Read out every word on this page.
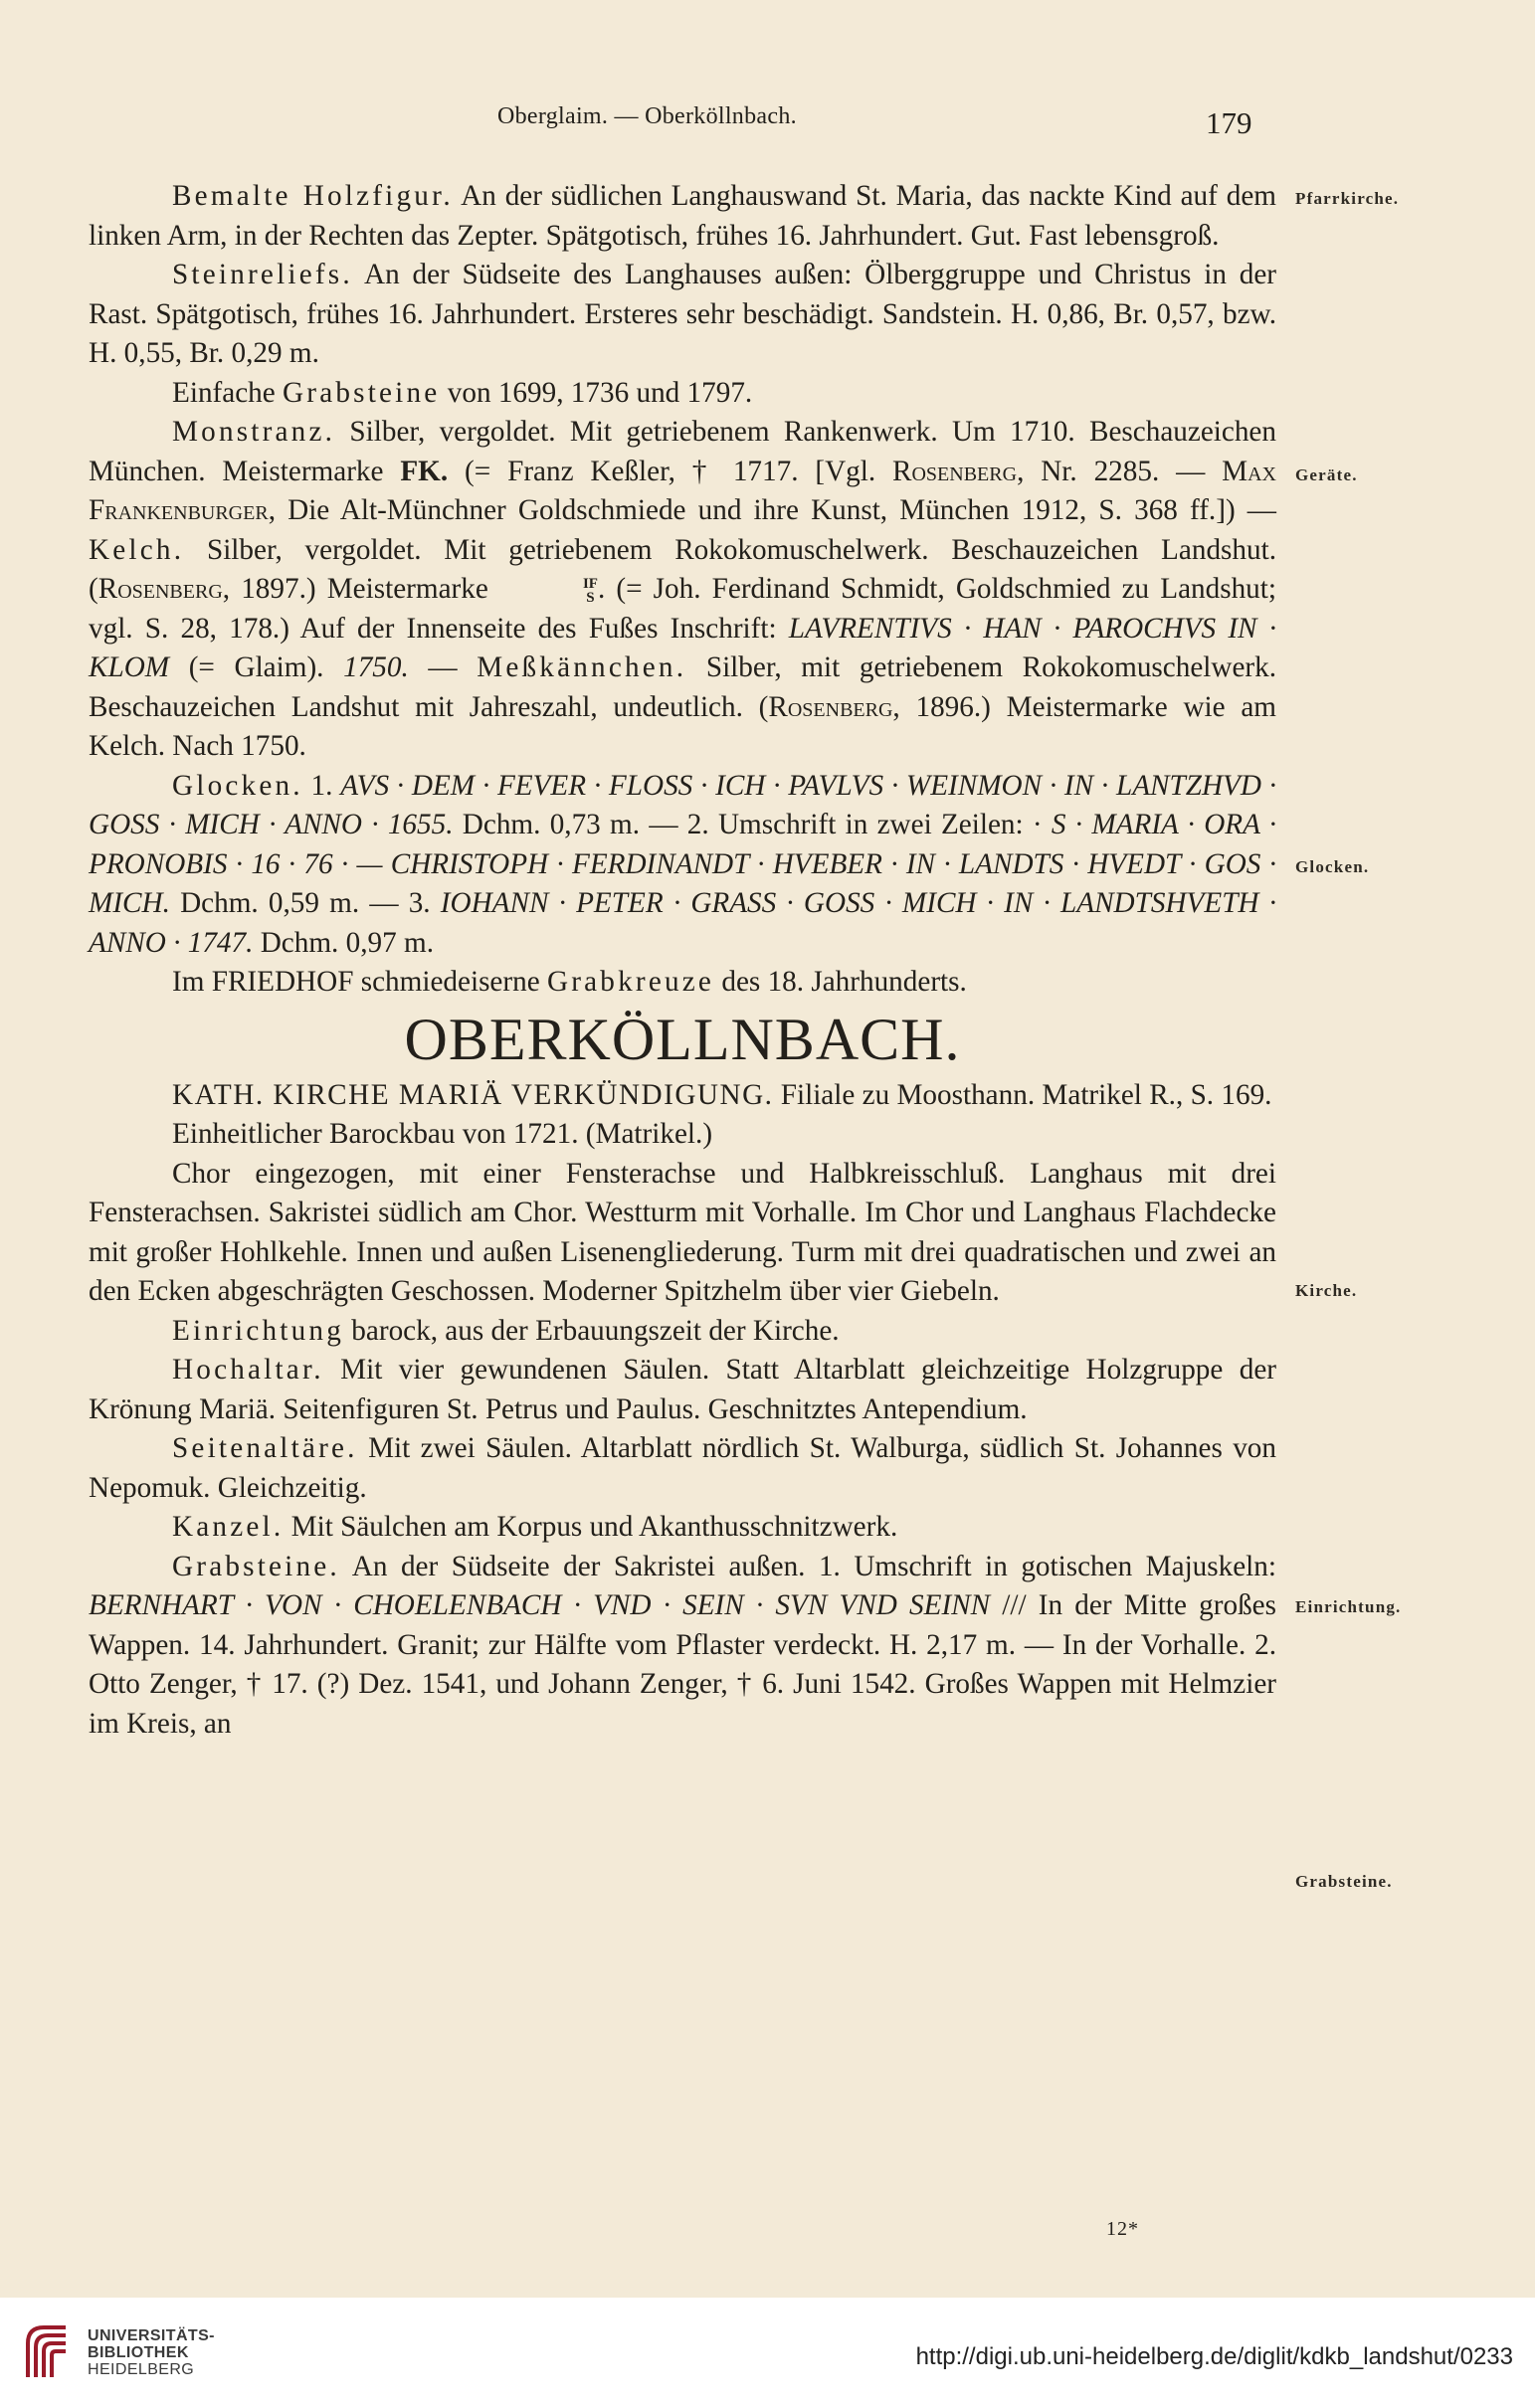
Oberglaim. — Oberköllnbach.	179
Pfarrkirche.
Geräte.
Glocken.
Kirche.
Einrichtung.
Grabsteine.

Bemalte Holzfigur. An der südlichen Langhauswand St. Maria, das nackte Kind auf dem linken Arm, in der Rechten das Zepter. Spätgotisch, frühes 16. Jahrhundert. Gut. Fast lebensgroß.

Steinreliefs. An der Südseite des Langhauses außen: Ölberggruppe und Christus in der Rast. Spätgotisch, frühes 16. Jahrhundert. Ersteres sehr beschädigt. Sandstein. H. 0,86, Br. 0,57, bzw. H. 0,55, Br. 0,29 m.

Einfache Grabsteine von 1699, 1736 und 1797.

Monstranz. Silber, vergoldet. Mit getriebenem Rankenwerk. Um 1710. Beschauzeichen München. Meistermarke FK. (= Franz Keßler, † 1717. [Vgl. Rosenberg, Nr. 2285. — Max Frankenburger, Die Alt-Münchner Goldschmiede und ihre Kunst, München 1912, S. 368 ff.]) — Kelch. Silber, vergoldet. Mit getriebenem Rokokomuschelwerk. Beschauzeichen Landshut. (Rosenberg, 1897.) Meistermarke	IF
S . (= Joh. Ferdinand Schmidt, Goldschmied zu Landshut; vgl. S. 28, 178.) Auf der Innenseite des Fußes Inschrift: LAVRENTIVS · HAN · PAROCHVS IN · KLOM (= Glaim). 1750. — Meßkännchen. Silber, mit getriebenem Rokokomuschelwerk. Beschauzeichen Landshut mit Jahreszahl, undeutlich. (Rosenberg, 1896.) Meistermarke wie am Kelch. Nach 1750.

Glocken. 1. AVS · DEM · FEVER · FLOSS · ICH · PAVLVS · WEINMON · IN · LANTZHVD · GOSS · MICH · ANNO · 1655. Dchm. 0,73 m. — 2. Umschrift in zwei Zeilen: · S · MARIA · ORA · PRONOBIS · 16 · 76 · — CHRISTOPH · FERDINANDT · HVEBER · IN · LANDTS · HVEDT · GOS · MICH. Dchm. 0,59 m. — 3. IOHANN · PETER · GRASS · GOSS · MICH · IN · LANDTSHVETH · ANNO · 1747. Dchm. 0,97 m.

Im FRIEDHOF schmiedeiserne Grabkreuze des 18. Jahrhunderts.

OBERKÖLLNBACH.

KATH. KIRCHE MARIÄ VERKÜNDIGUNG. Filiale zu Moosthann. Matrikel R., S. 169.

Einheitlicher Barockbau von 1721. (Matrikel.)

Chor eingezogen, mit einer Fensterachse und Halbkreisschluß. Langhaus mit drei Fensterachsen. Sakristei südlich am Chor. Westturm mit Vorhalle. Im Chor und Langhaus Flachdecke mit großer Hohlkehle. Innen und außen Lisenengliederung. Turm mit drei quadratischen und zwei an den Ecken abgeschrägten Geschossen. Moderner Spitzhelm über vier Giebeln.

Einrichtung barock, aus der Erbauungszeit der Kirche.

Hochaltar. Mit vier gewundenen Säulen. Statt Altarblatt gleichzeitige Holzgruppe der Krönung Mariä. Seitenfiguren St. Petrus und Paulus. Geschnitztes Antependium.

Seitenaltäre. Mit zwei Säulen. Altarblatt nördlich St. Walburga, südlich St. Johannes von Nepomuk. Gleichzeitig.

Kanzel. Mit Säulchen am Korpus und Akanthusschnitzwerk.

Grabsteine. An der Südseite der Sakristei außen. 1. Umschrift in gotischen Majuskeln: BERNHART · VON · CHOELENBACH · VND · SEIN · SVN VND SEINN /// In der Mitte großes Wappen. 14. Jahrhundert. Granit; zur Hälfte vom Pflaster verdeckt. H. 2,17 m. — In der Vorhalle. 2. Otto Zenger, † 17. (?) Dez. 1541, und Johann Zenger, † 6. Juni 1542. Großes Wappen mit Helmzier im Kreis, an

12*
UNIVERSITÄTS-
BIBLIOTHEK
HEIDELBERG	http://digi.ub.uni-heidelberg.de/diglit/kdkb_landshut/0233
